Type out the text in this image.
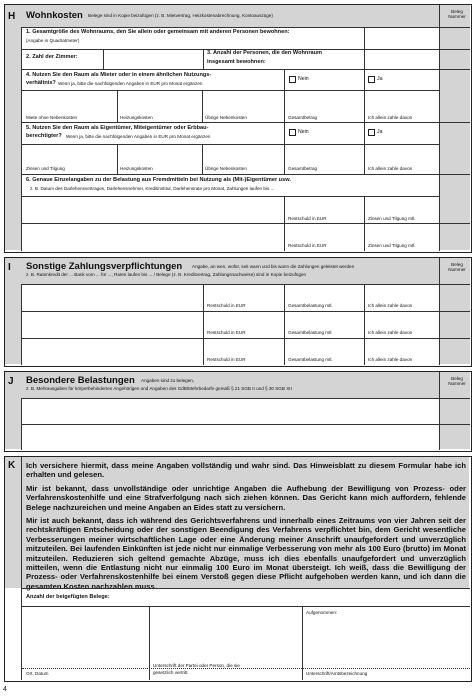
H Wohnkosten Belege sind in Kopie beizufügen (z. B. Mietvertrag, Heizkostenabrechnung, Kontoauszüge)
Beleg Nummer
1. Gesamtgröße des Wohnraums, den Sie allein oder gemeinsam mit anderen Personen bewohnen:
(Angabe in Quadratmeter)
2. Zahl der Zimmer:
3. Anzahl der Personen, die den Wohnraum
insgesamt bewohnen:
4. Nutzen Sie den Raum als Mieter oder in einem ähnlichen Nutzungs-
verhältnis? Wenn ja, bitte die nachfolgenden Angaben in EUR pro Monat ergänzen
Nein	Ja
Miete ohne Nebenkosten	Heizungskosten	Übrige Nebenkosten	Gesamtbetrag	Ich allein zahle davon
5. Nutzen Sie den Raum als Eigentümer, Miteigentümer oder Erbbau-
berechtigter? Wenn ja, bitte die nachfolgenden Angaben in EUR pro Monat ergänzen
Nein	Ja
Zinsen und Tilgung	Heizungskosten	Übrige Nebenkosten	Gesamtbetrag	Ich allein zahle davon
6. Genaue Einzelangaben zu der Belastung aus Fremdmitteln bei Nutzung als (Mit-)Eigentümer usw.
z. B. Datum des Darlehensvertrages, Darlehensnehmer, Kreditinstitut, Darlehensrate pro Monat, Zahlungen laufen bis ...
Restschuld in EUR	Zinsen und Tilgung mtl.
Restschuld in EUR	Zinsen und Tilgung mtl.
I Sonstige Zahlungsverpflichtungen Angabe, an wen, wofür, seit wann und bis wann die Zahlungen geleistet werden
z. B. Ratenkredit der ... Bank vom ... für ..., Raten laufen bis ... / Belege (z. B. Kreditvertrag, Zahlungsnachweise) sind in Kopie beizufügen
Beleg Nummer
Restschuld in EUR	Gesamtbelastung mtl.	Ich allein zahle davon
Restschuld in EUR	Gesamtbelastung mtl.	Ich allein zahle davon
Restschuld in EUR	Gesamtbelastung mtl.	Ich allein zahle davon
J Besondere Belastungen Angaben sind zu belegen,
z. B. Mehrausgaben für körperbehinderten Angehörigen und Angaben des GdB/Mehrbedarfe gemäß § 21 SGB II und § 30 SGB XII
Beleg Nummer
K Ich versichere hiermit, dass meine Angaben vollständig und wahr sind. Das Hinweisblatt zu diesem Formular habe ich erhalten und gelesen.

Mir ist bekannt, dass unvollständige oder unrichtige Angaben die Aufhebung der Bewilligung von Prozess- oder Verfahrenskostenhilfe und eine Strafverfolgung nach sich ziehen können. Das Gericht kann mich auffordern, fehlende Belege nachzureichen und meine Angaben an Eides statt zu versichern.

Mir ist auch bekannt, dass ich während des Gerichtsverfahrens und innerhalb eines Zeitraums von vier Jahren seit der rechtskräftigen Entscheidung oder der sonstigen Beendigung des Verfahrens verpflichtet bin, dem Gericht wesentliche Verbesserungen meiner wirtschaftlichen Lage oder eine Änderung meiner Anschrift unaufgefordert und unverzüglich mitzuteilen. Bei laufenden Einkünften ist jede nicht nur einmalige Verbesserung von mehr als 100 Euro (brutto) im Monat mitzuteilen. Reduzieren sich geltend gemachte Abzüge, muss ich dies ebenfalls unaufgefordert und unverzüglich mitteilen, wenn die Entlastung nicht nur einmalig 100 Euro im Monat übersteigt. Ich weiß, dass die Bewilligung der Prozess- oder Verfahrenskostenhilfe bei einem Verstoß gegen diese Pflicht aufgehoben werden kann, und ich dann die gesamten Kosten nachzahlen muss.

Anzahl der beigefügten Belege:
Aufgenommen:
Ort, Datum
Unterschrift der Partei oder Person, die sie
gesetzlich vertritt	Unterschrift/Amtsbezeichnung
4
